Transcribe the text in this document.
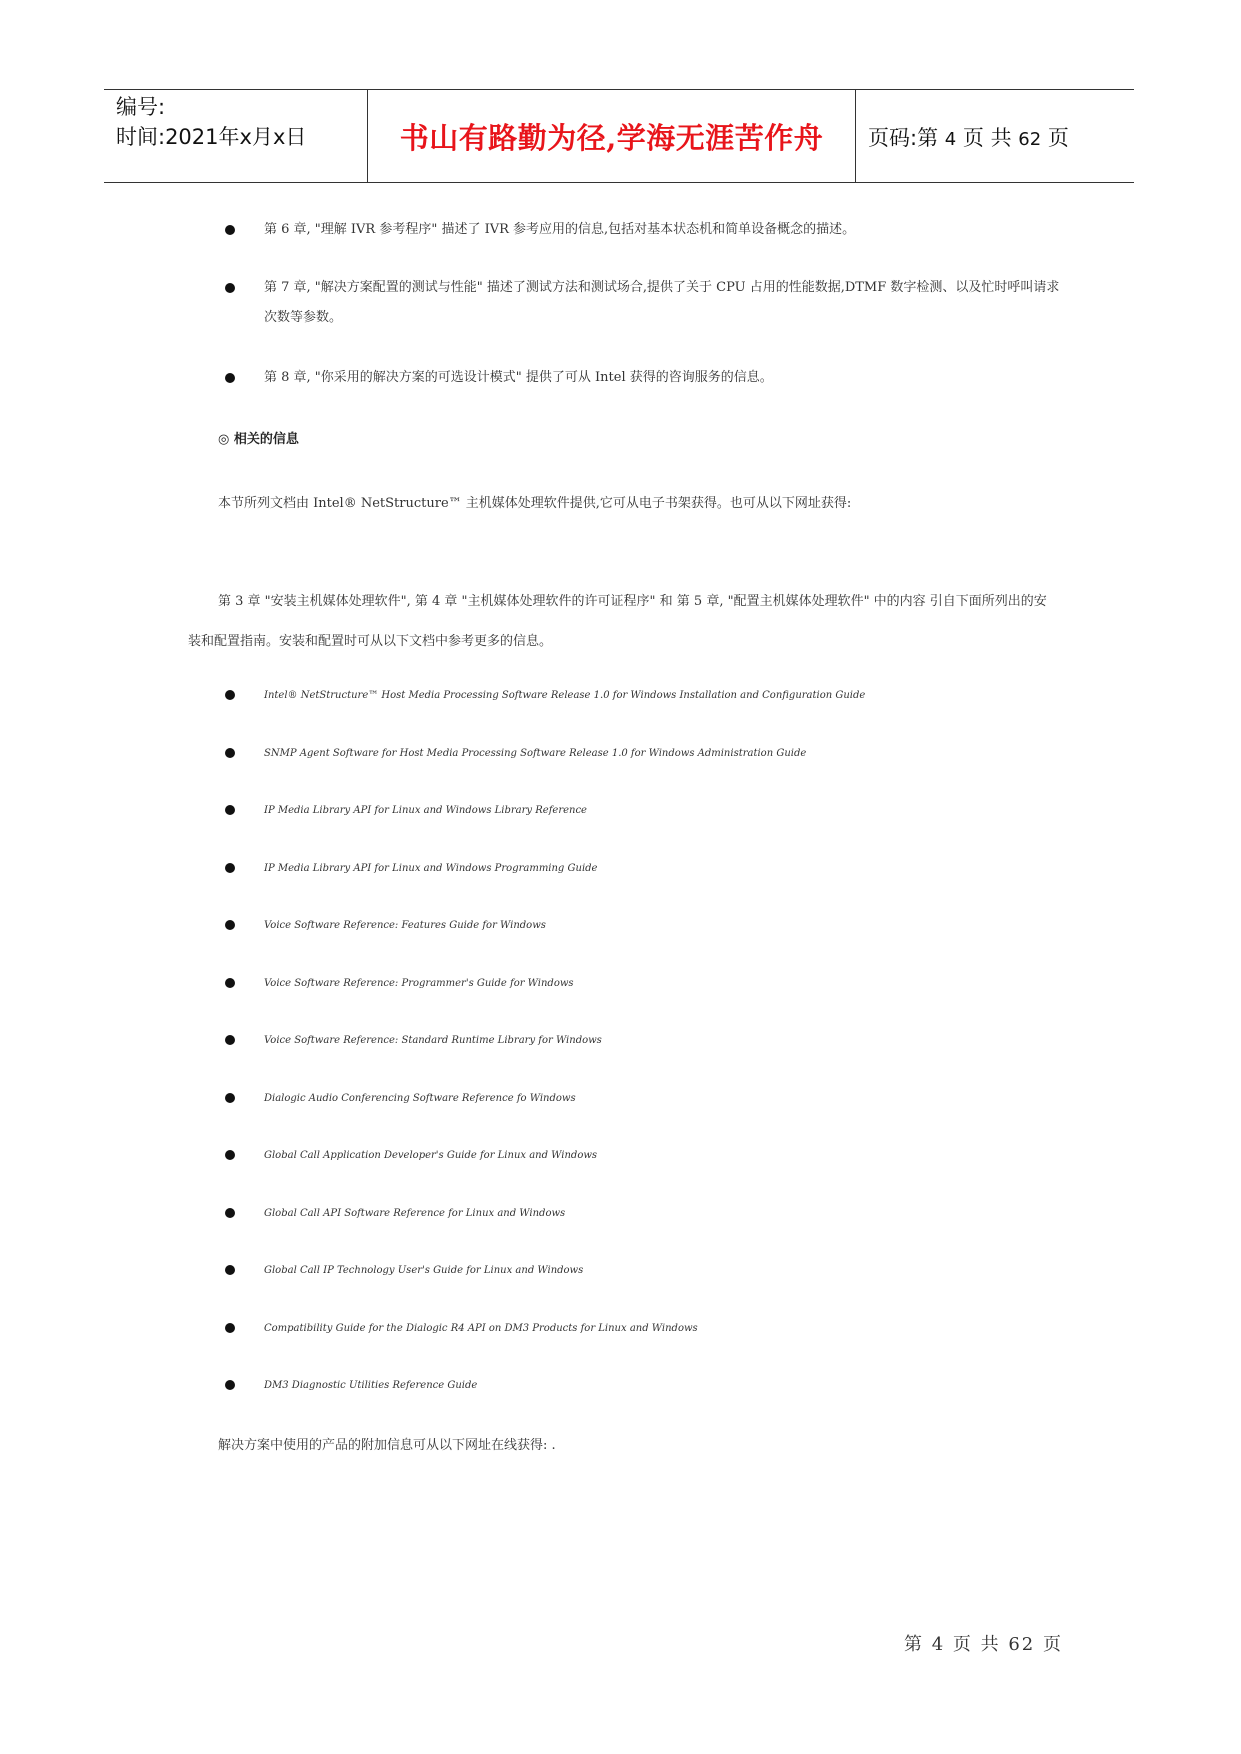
编号:
时间:2021年x月x日	书山有路勤为径,学海无涯苦作舟	页码:第 4 页 共 62 页
第 6 章, "理解 IVR 参考程序" 描述了 IVR 参考应用的信息,包括对基本状态机和简单设备概念的描述。
第 7 章, "解决方案配置的测试与性能" 描述了测试方法和测试场合,提供了关于 CPU 占用的性能数据,DTMF 数字检测、以及忙时呼叫请求次数等参数。
第 8 章, "你采用的解决方案的可选设计模式" 提供了可从 Intel 获得的咨询服务的信息。
◎ 相关的信息
本节所列文档由 Intel® NetStructure™ 主机媒体处理软件提供,它可从电子书架获得。也可从以下网址获得:
第 3 章 "安装主机媒体处理软件", 第 4 章 "主机媒体处理软件的许可证程序" 和 第 5 章, "配置主机媒体处理软件" 中的内容 引自下面所列出的安装和配置指南。安装和配置时可从以下文档中参考更多的信息。
Intel® NetStructure™ Host Media Processing Software Release 1.0 for Windows Installation and Configuration Guide
SNMP Agent Software for Host Media Processing Software Release 1.0 for Windows Administration Guide
IP Media Library API for Linux and Windows Library Reference
IP Media Library API for Linux and Windows Programming Guide
Voice Software Reference: Features Guide for Windows
Voice Software Reference: Programmer's Guide for Windows
Voice Software Reference: Standard Runtime Library for Windows
Dialogic Audio Conferencing Software Reference fo Windows
Global Call Application Developer's Guide for Linux and Windows
Global Call API Software Reference for Linux and Windows
Global Call IP Technology User's Guide for Linux and Windows
Compatibility Guide for the Dialogic R4 API on DM3 Products for Linux and Windows
DM3 Diagnostic Utilities Reference Guide
解决方案中使用的产品的附加信息可从以下网址在线获得: .
第 4 页 共 62 页
